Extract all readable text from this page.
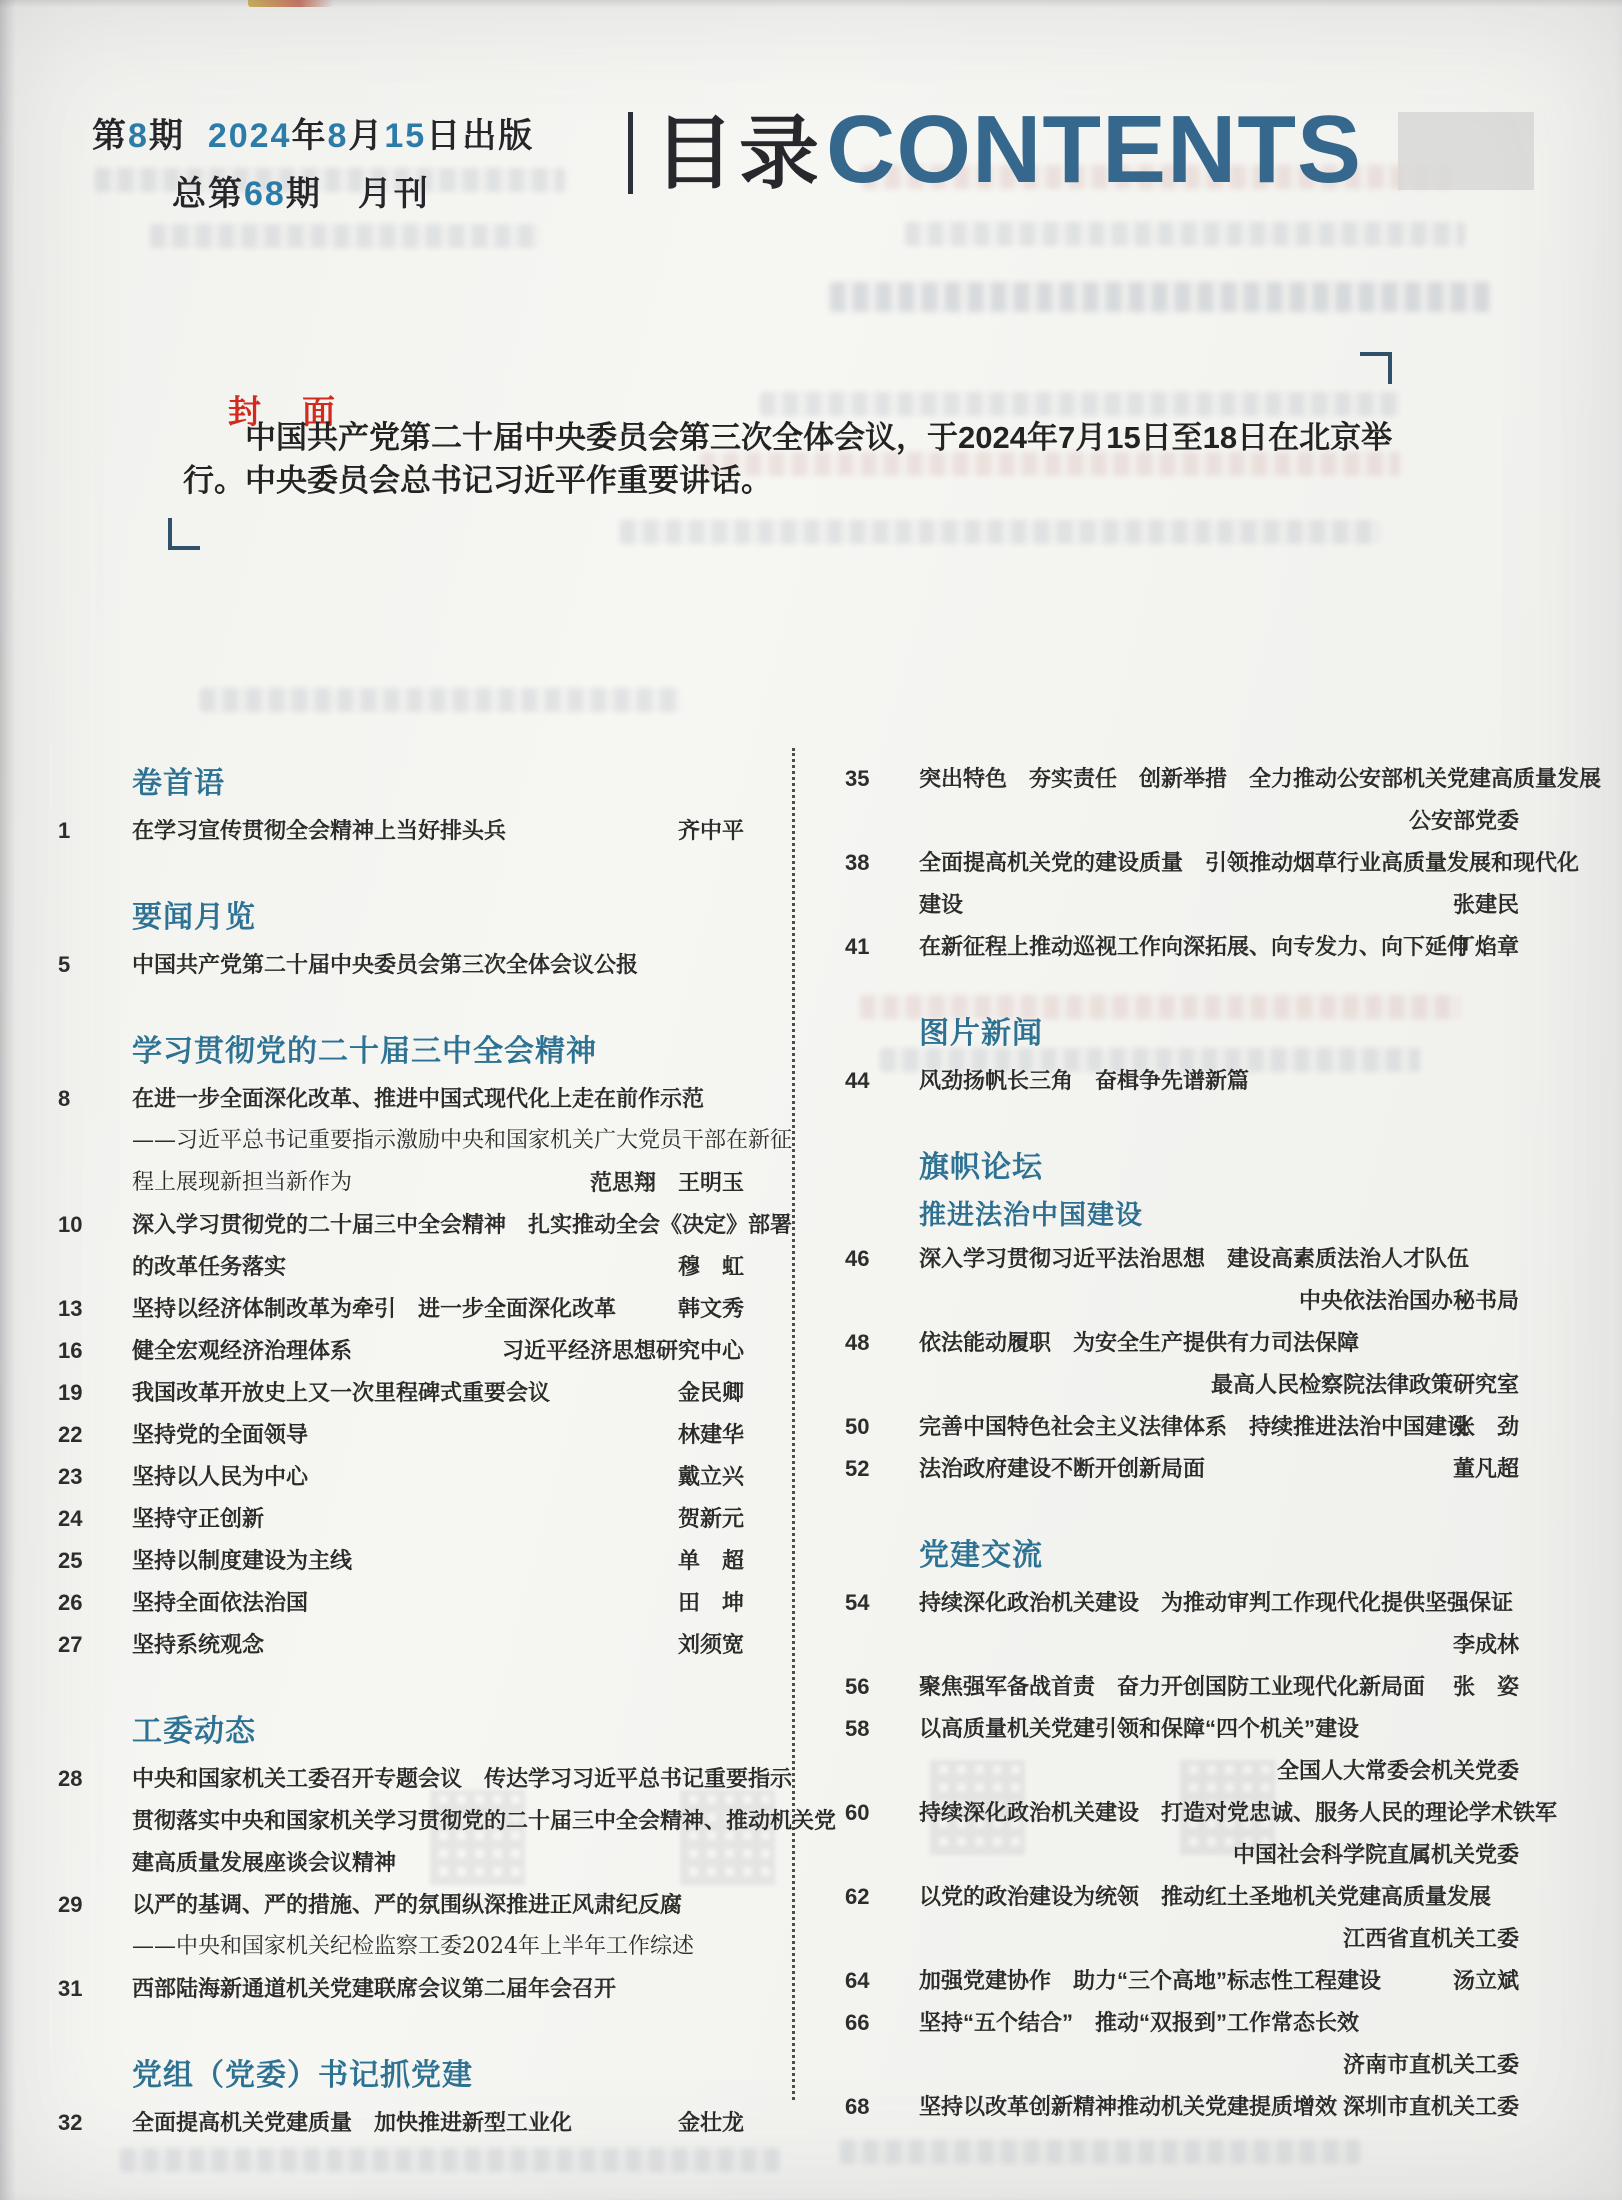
第8期 2024年8月15日出版
总第68期　月刊	目录 CONTENTS
封　面
中国共产党第二十届中央委员会第三次全体会议，于2024年7月15日至18日在北京举行。中央委员会总书记习近平作重要讲话。
卷首语
1	在学习宣传贯彻全会精神上当好排头兵	齐中平
要闻月览
5	中国共产党第二十届中央委员会第三次全体会议公报
学习贯彻党的二十届三中全会精神
8	在进一步全面深化改革、推进中国式现代化上走在前作示范
——习近平总书记重要指示激励中央和国家机关广大党员干部在新征
程上展现新担当新作为	范思翔　王明玉
10	深入学习贯彻党的二十届三中全会精神　扎实推动全会《决定》部署
的改革任务落实	穆　虹
13	坚持以经济体制改革为牵引　进一步全面深化改革	韩文秀
16	健全宏观经济治理体系	习近平经济思想研究中心
19	我国改革开放史上又一次里程碑式重要会议	金民卿
22	坚持党的全面领导	林建华
23	坚持以人民为中心	戴立兴
24	坚持守正创新	贺新元
25	坚持以制度建设为主线	单　超
26	坚持全面依法治国	田　坤
27	坚持系统观念	刘须宽
工委动态
28	中央和国家机关工委召开专题会议　传达学习习近平总书记重要指示
贯彻落实中央和国家机关学习贯彻党的二十届三中全会精神、推动机关党
建高质量发展座谈会议精神
29	以严的基调、严的措施、严的氛围纵深推进正风肃纪反腐
——中央和国家机关纪检监察工委2024年上半年工作综述
31	西部陆海新通道机关党建联席会议第二届年会召开
党组（党委）书记抓党建
32	全面提高机关党建质量　加快推进新型工业化	金壮龙
35	突出特色　夯实责任　创新举措　全力推动公安部机关党建高质量发展
公安部党委
38	全面提高机关党的建设质量　引领推动烟草行业高质量发展和现代化
建设	张建民
41	在新征程上推动巡视工作向深拓展、向专发力、向下延伸
丁焰章
图片新闻
44	风劲扬帆长三角　奋楫争先谱新篇
旗帜论坛
推进法治中国建设
46	深入学习贯彻习近平法治思想　建设高素质法治人才队伍
中央依法治国办秘书局
48	依法能动履职　为安全生产提供有力司法保障
最高人民检察院法律政策研究室
50	完善中国特色社会主义法律体系　持续推进法治中国建设
张　劲
52	法治政府建设不断开创新局面	董凡超
党建交流
54	持续深化政治机关建设　为推动审判工作现代化提供坚强保证
李成林
56	聚焦强军备战首责　奋力开创国防工业现代化新局面 张　姿
58	以高质量机关党建引领和保障“四个机关”建设
全国人大常委会机关党委
60	持续深化政治机关建设　打造对党忠诚、服务人民的理论学术铁军
中国社会科学院直属机关党委
62	以党的政治建设为统领　推动红土圣地机关党建高质量发展
江西省直机关工委
64	加强党建协作　助力“三个高地”标志性工程建设	汤立斌
66	坚持“五个结合”　推动“双报到”工作常态长效
济南市直机关工委
68	坚持以改革创新精神推动机关党建提质增效 深圳市直机关工委
